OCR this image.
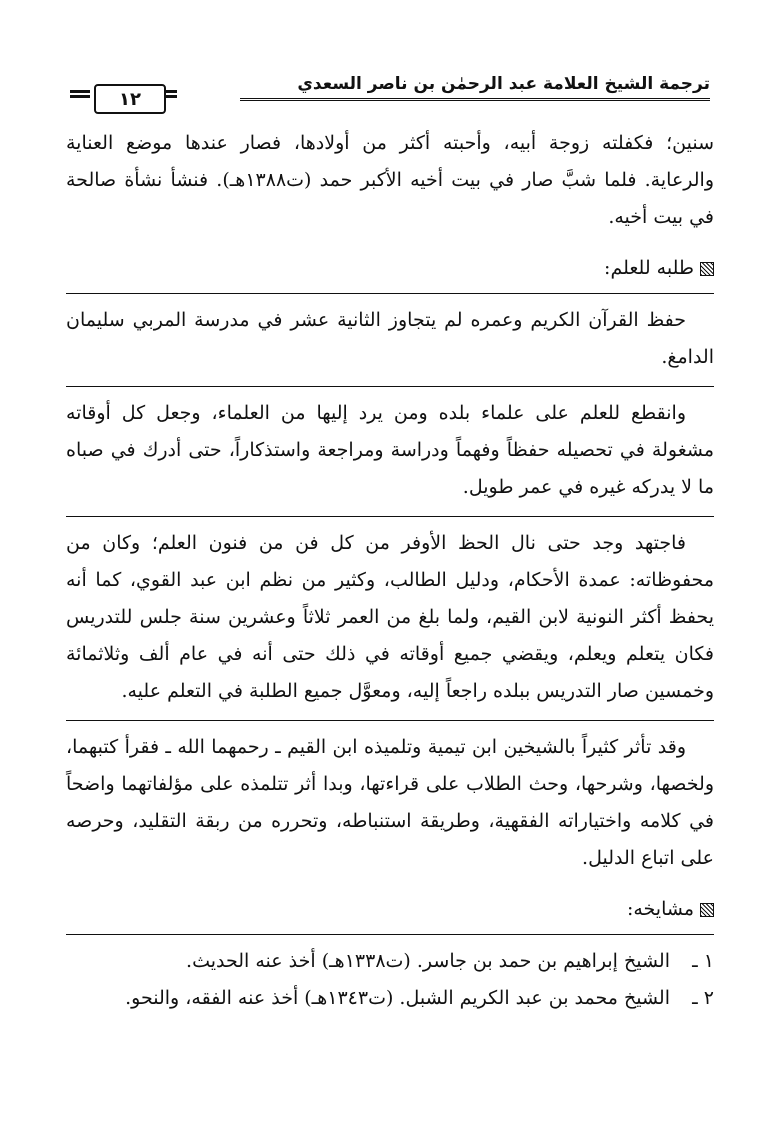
ترجمة الشيخ العلامة عبد الرحمٰن بن ناصر السعدي
١٢

سنين؛ فكفلته زوجة أبيه، وأحبته أكثر من أولادها، فصار عندها موضع العناية والرعاية. فلما شبَّ صار في بيت أخيه الأكبر حمد (ت١٣٨٨هـ). فنشأ نشأة صالحة في بيت أخيه.

طلبه للعلم:

حفظ القرآن الكريم وعمره لم يتجاوز الثانية عشر في مدرسة المربي سليمان الدامغ.

وانقطع للعلم على علماء بلده ومن يرد إليها من العلماء، وجعل كل أوقاته مشغولة في تحصيله حفظاً وفهماً ودراسة ومراجعة واستذكاراً، حتى أدرك في صباه ما لا يدركه غيره في عمر طويل.

فاجتهد وجد حتى نال الحظ الأوفر من كل فن من فنون العلم؛ وكان من محفوظاته: عمدة الأحكام، ودليل الطالب، وكثير من نظم ابن عبد القوي، كما أنه يحفظ أكثر النونية لابن القيم، ولما بلغ من العمر ثلاثاً وعشرين سنة جلس للتدريس فكان يتعلم ويعلم، ويقضي جميع أوقاته في ذلك حتى أنه في عام ألف وثلاثمائة وخمسين صار التدريس ببلده راجعاً إليه، ومعوَّل جميع الطلبة في التعلم عليه.

وقد تأثر كثيراً بالشيخين ابن تيمية وتلميذه ابن القيم ـ رحمهما الله ـ فقرأ كتبهما، ولخصها، وشرحها، وحث الطلاب على قراءتها، وبدا أثر تتلمذه على مؤلفاتهما واضحاً في كلامه واختياراته الفقهية، وطريقة استنباطه، وتحرره من ربقة التقليد، وحرصه على اتباع الدليل.

مشايخه:
١ ـ
الشيخ إبراهيم بن حمد بن جاسر. (ت١٣٣٨هـ) أخذ عنه الحديث.
٢ ـ
الشيخ محمد بن عبد الكريم الشبل. (ت١٣٤٣هـ) أخذ عنه الفقه، والنحو.
